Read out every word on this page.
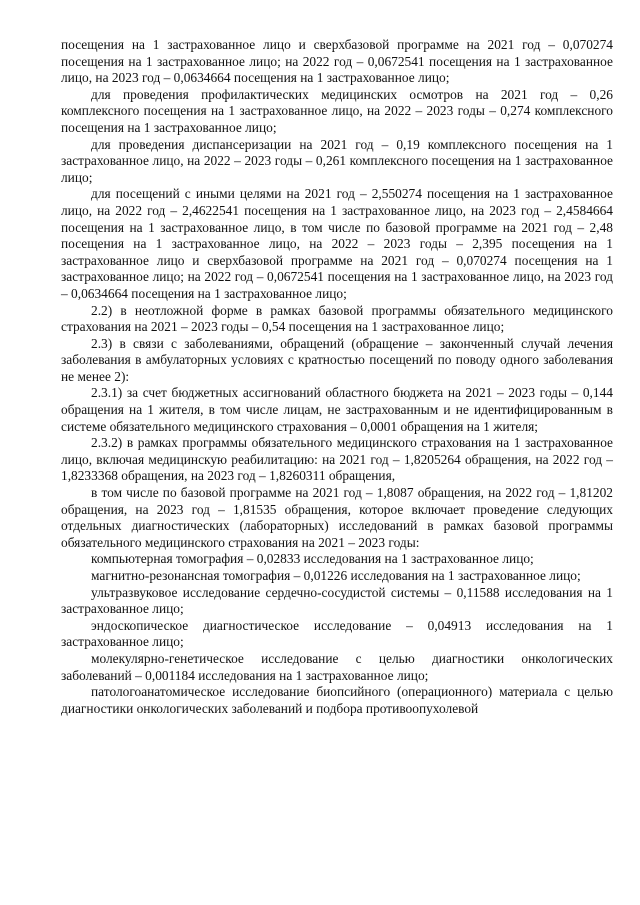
посещения на 1 застрахованное лицо и сверхбазовой программе на 2021 год – 0,070274 посещения на 1 застрахованное лицо; на 2022 год – 0,0672541 посещения на 1 застрахованное лицо, на 2023 год – 0,0634664 посещения на 1 застрахованное лицо;

для проведения профилактических медицинских осмотров на 2021 год – 0,26 комплексного посещения на 1 застрахованное лицо, на 2022 – 2023 годы – 0,274 комплексного посещения на 1 застрахованное лицо;

для проведения диспансеризации на 2021 год – 0,19 комплексного посещения на 1 застрахованное лицо, на 2022 – 2023 годы – 0,261 комплексного посещения на 1 застрахованное лицо;

для посещений с иными целями на 2021 год – 2,550274 посещения на 1 застрахованное лицо, на 2022 год – 2,4622541 посещения на 1 застрахованное лицо, на 2023 год – 2,4584664 посещения на 1 застрахованное лицо, в том числе по базовой программе на 2021 год – 2,48 посещения на 1 застрахованное лицо, на 2022 – 2023 годы – 2,395 посещения на 1 застрахованное лицо и сверхбазовой программе на 2021 год – 0,070274 посещения на 1 застрахованное лицо; на 2022 год – 0,0672541 посещения на 1 застрахованное лицо, на 2023 год – 0,0634664 посещения на 1 застрахованное лицо;

2.2) в неотложной форме в рамках базовой программы обязательного медицинского страхования на 2021 – 2023 годы – 0,54 посещения на 1 застрахованное лицо;

2.3) в связи с заболеваниями, обращений (обращение – законченный случай лечения заболевания в амбулаторных условиях с кратностью посещений по поводу одного заболевания не менее 2):

2.3.1) за счет бюджетных ассигнований областного бюджета на 2021 – 2023 годы – 0,144 обращения на 1 жителя, в том числе лицам, не застрахованным и не идентифицированным в системе обязательного медицинского страхования – 0,0001 обращения на 1 жителя;

2.3.2) в рамках программы обязательного медицинского страхования на 1 застрахованное лицо, включая медицинскую реабилитацию: на 2021 год – 1,8205264 обращения, на 2022 год – 1,8233368 обращения, на 2023 год – 1,8260311 обращения,

в том числе по базовой программе на 2021 год – 1,8087 обращения, на 2022 год – 1,81202 обращения, на 2023 год – 1,81535 обращения, которое включает проведение следующих отдельных диагностических (лабораторных) исследований в рамках базовой программы обязательного медицинского страхования на 2021 – 2023 годы:

компьютерная томография – 0,02833 исследования на 1 застрахованное лицо;

магнитно-резонансная томография – 0,01226 исследования на 1 застрахованное лицо;

ультразвуковое исследование сердечно-сосудистой системы – 0,11588 исследования на 1 застрахованное лицо;

эндоскопическое диагностическое исследование – 0,04913 исследования на 1 застрахованное лицо;

молекулярно-генетическое исследование с целью диагностики онкологических заболеваний – 0,001184 исследования на 1 застрахованное лицо;

патологоанатомическое исследование биопсийного (операционного) материала с целью диагностики онкологических заболеваний и подбора противоопухолевой
